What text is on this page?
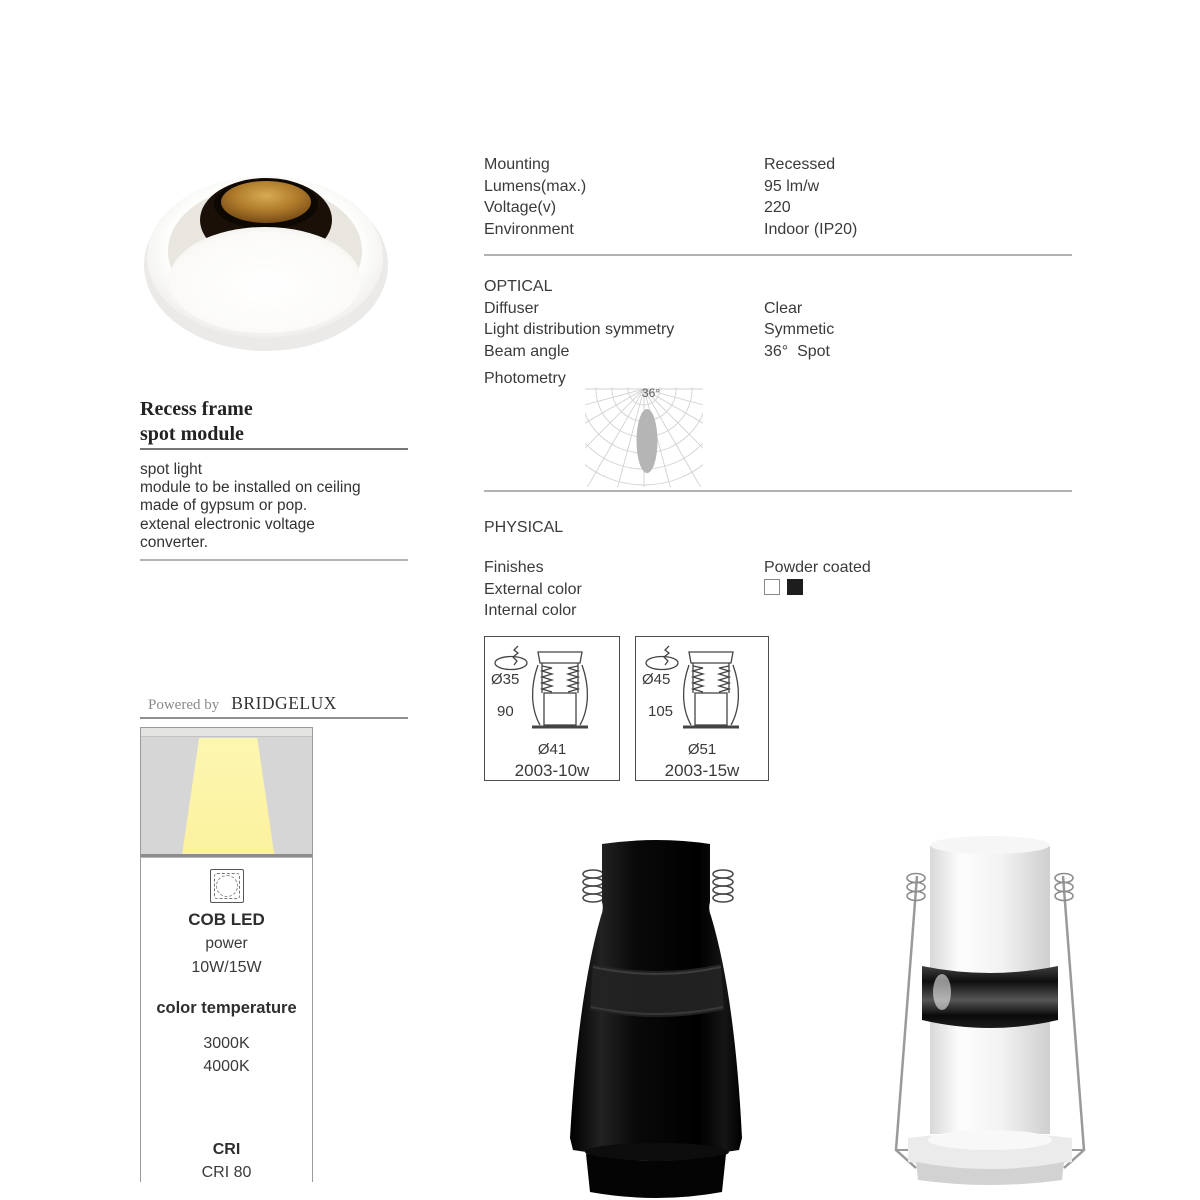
Recess frame
spot module
spot light
module to be installed on ceiling
made of gypsum or pop.
extenal electronic voltage
converter.
Powered by BRIDGELUX
COB LED
power
10W/15W
color temperature
3000K
4000K
CRI
CRI 80
Mounting	Recessed
Lumens(max.)	95 lm/w
Voltage(v)	220
Environment	Indoor (IP20)
OPTICAL
Diffuser	Clear
Light distribution symmetry	Symmetic
Beam angle	36°  Spot
Photometry
36°
PHYSICAL
Finishes	Powder coated
External color
Internal color
Ø35
90
Ø41
2003-10w
Ø45
105
Ø51
2003-15w
